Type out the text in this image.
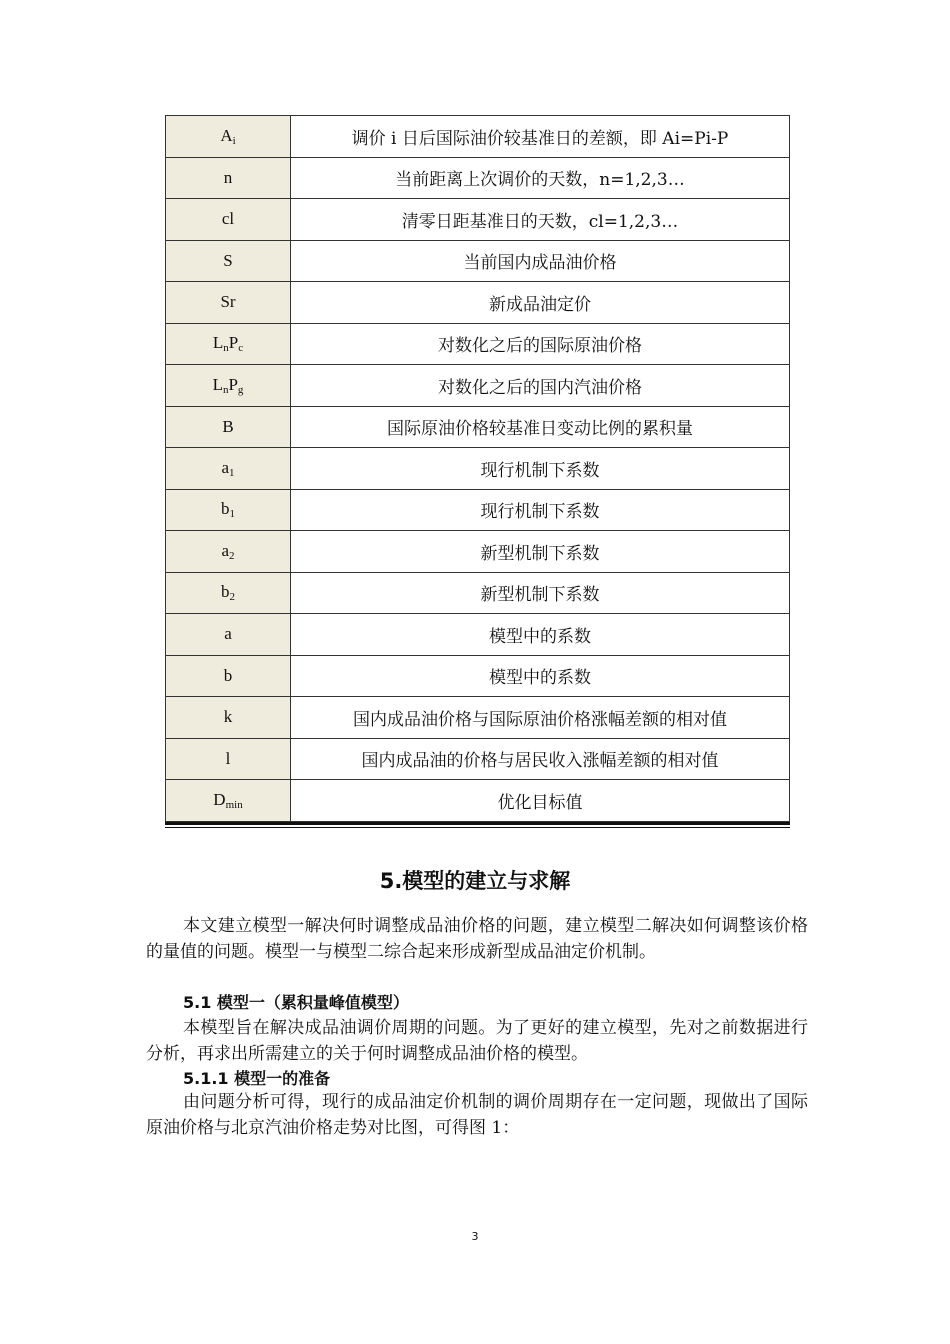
$A_i$	调价 i 日后国际油价较基准日的差额，即 Ai=Pi-P
n	当前距离上次调价的天数，n=1,2,3…
cl	清零日距基准日的天数，cl=1,2,3…
S	当前国内成品油价格
Sr	新成品油定价
$L_nP_c$	对数化之后的国际原油价格
$L_nP_g$	对数化之后的国内汽油价格
B	国际原油价格较基准日变动比例的累积量
$a_1$	现行机制下系数
$b_1$	现行机制下系数
$a_2$	新型机制下系数
$b_2$	新型机制下系数
a	模型中的系数
b	模型中的系数
k	国内成品油价格与国际原油价格涨幅差额的相对值
l	国内成品油的价格与居民收入涨幅差额的相对值
$D_{min}$	优化目标值
5.模型的建立与求解
本文建立模型一解决何时调整成品油价格的问题，建立模型二解决如何调整该价格的量值的问题。模型一与模型二综合起来形成新型成品油定价机制。
5.1 模型一（累积量峰值模型）
本模型旨在解决成品油调价周期的问题。为了更好的建立模型，先对之前数据进行分析，再求出所需建立的关于何时调整成品油价格的模型。
5.1.1 模型一的准备
由问题分析可得，现行的成品油定价机制的调价周期存在一定问题，现做出了国际原油价格与北京汽油价格走势对比图，可得图 1：
3
